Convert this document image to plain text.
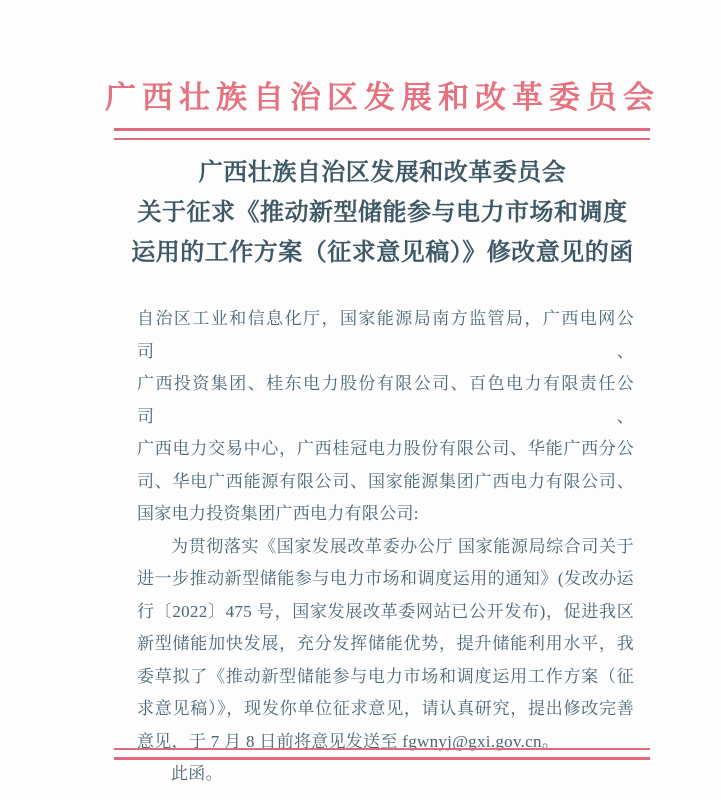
广西壮族自治区发展和改革委员会
广西壮族自治区发展和改革委员会
关于征求《推动新型储能参与电力市场和调度
运用的工作方案（征求意见稿）》修改意见的函
自治区工业和信息化厅，国家能源局南方监管局，广西电网公司、
广西投资集团、桂东电力股份有限公司、百色电力有限责任公司、
广西电力交易中心，广西桂冠电力股份有限公司、华能广西分公
司、华电广西能源有限公司、国家能源集团广西电力有限公司、
国家电力投资集团广西电力有限公司:
为贯彻落实《国家发展改革委办公厅 国家能源局综合司关于
进一步推动新型储能参与电力市场和调度运用的通知》(发改办运
行〔2022〕475 号，国家发展改革委网站已公开发布)，促进我区
新型储能加快发展，充分发挥储能优势，提升储能利用水平，我
委草拟了《推动新型储能参与电力市场和调度运用工作方案（征
求意见稿）》，现发你单位征求意见，请认真研究，提出修改完善
意见，于 7 月 8 日前将意见发送至 fgwnyj@gxi.gov.cn。
此函。
